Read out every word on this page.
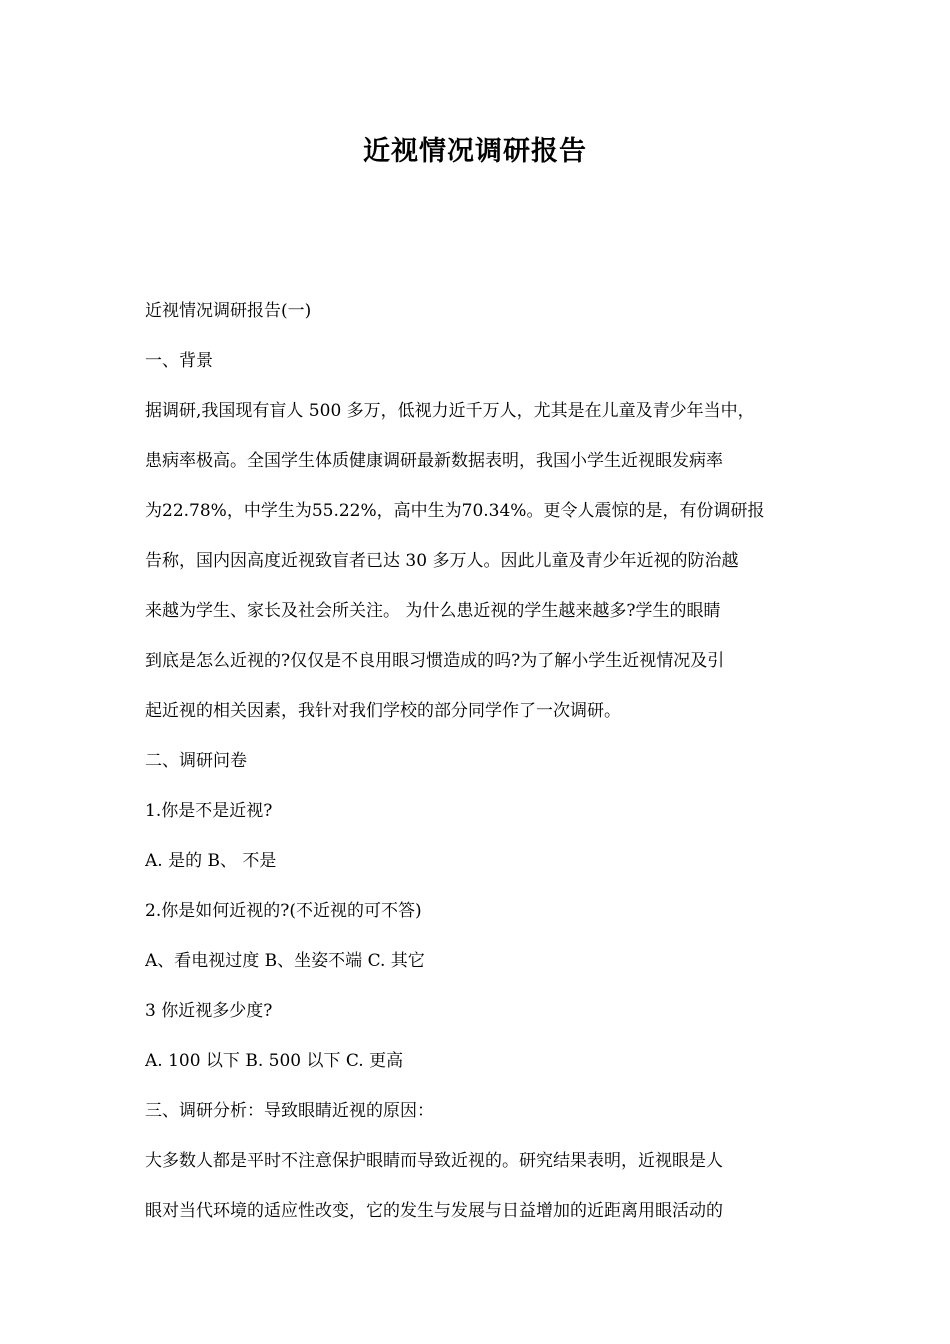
近视情况调研报告
近视情况调研报告(一)
一、背景
据调研,我国现有盲人 500 多万，低视力近千万人，尤其是在儿童及青少年当中，
患病率极高。全国学生体质健康调研最新数据表明，我国小学生近视眼发病率
为22.78%，中学生为55.22%，高中生为70.34%。更令人震惊的是，有份调研报
告称，国内因高度近视致盲者已达 30 多万人。因此儿童及青少年近视的防治越
来越为学生、家长及社会所关注。 为什么患近视的学生越来越多?学生的眼睛
到底是怎么近视的?仅仅是不良用眼习惯造成的吗?为了解小学生近视情况及引
起近视的相关因素，我针对我们学校的部分同学作了一次调研。
二、调研问卷
1.你是不是近视?
A. 是的 B、 不是
2.你是如何近视的?(不近视的可不答)
A、看电视过度 B、坐姿不端 C. 其它
3 你近视多少度?
A. 100 以下 B. 500 以下 C. 更高
三、调研分析：导致眼睛近视的原因：
大多数人都是平时不注意保护眼睛而导致近视的。研究结果表明，近视眼是人
眼对当代环境的适应性改变，它的发生与发展与日益增加的近距离用眼活动的
